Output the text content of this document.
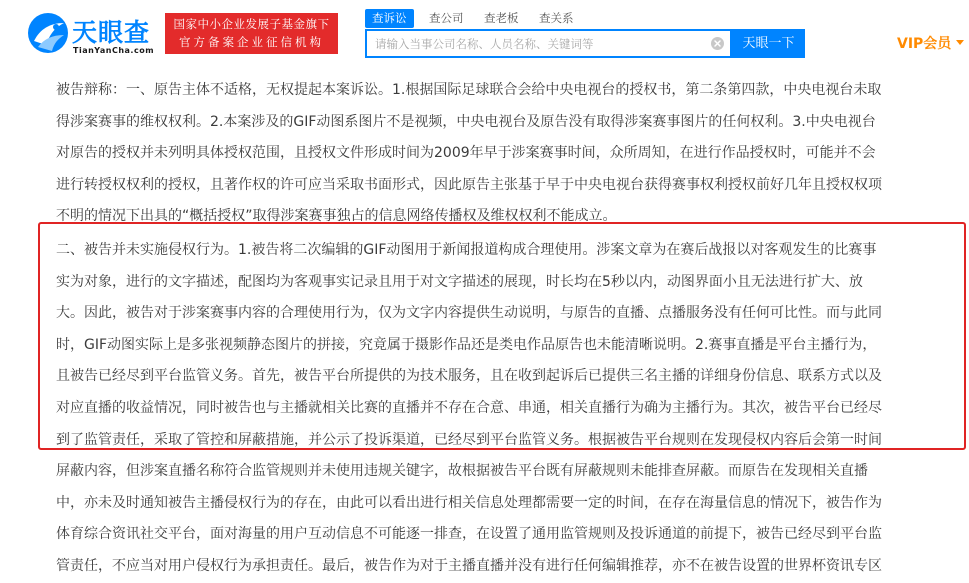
天眼查
TianYanCha.com
国家中小企业发展子基金旗下
官方备案企业征信机构
查诉讼	查公司 查老板 查关系
请输入当事公司名称、人员名称、关键词等
天眼一下	VIP会员
被告辩称：一、原告主体不适格，无权提起本案诉讼。1.根据国际足球联合会给中央电视台的授权书，第二条第四款，中央电视台未取
得涉案赛事的维权权利。2.本案涉及的GIF动图系图片不是视频，中央电视台及原告没有取得涉案赛事图片的任何权利。3.中央电视台
对原告的授权并未列明具体授权范围，且授权文件形成时间为2009年早于涉案赛事时间，众所周知，在进行作品授权时，可能并不会
进行转授权权利的授权，且著作权的许可应当采取书面形式，因此原告主张基于早于中央电视台获得赛事权利授权前好几年且授权权项
不明的情况下出具的“概括授权”取得涉案赛事独占的信息网络传播权及维权权利不能成立。
二、被告并未实施侵权行为。1.被告将二次编辑的GIF动图用于新闻报道构成合理使用。涉案文章为在赛后战报以对客观发生的比赛事
实为对象，进行的文字描述，配图均为客观事实记录且用于对文字描述的展现，时长均在5秒以内，动图界面小且无法进行扩大、放
大。因此，被告对于涉案赛事内容的合理使用行为，仅为文字内容提供生动说明，与原告的直播、点播服务没有任何可比性。而与此同
时，GIF动图实际上是多张视频静态图片的拼接，究竟属于摄影作品还是类电作品原告也未能清晰说明。2.赛事直播是平台主播行为，
且被告已经尽到平台监管义务。首先，被告平台所提供的为技术服务，且在收到起诉后已提供三名主播的详细身份信息、联系方式以及
对应直播的收益情况，同时被告也与主播就相关比赛的直播并不存在合意、串通，相关直播行为确为主播行为。其次，被告平台已经尽
到了监管责任，采取了管控和屏蔽措施，并公示了投诉渠道，已经尽到平台监管义务。根据被告平台规则在发现侵权内容后会第一时间
屏蔽内容，但涉案直播名称符合监管规则并未使用违规关键字，故根据被告平台既有屏蔽规则未能排查屏蔽。而原告在发现相关直播
中，亦未及时通知被告主播侵权行为的存在，由此可以看出进行相关信息处理都需要一定的时间，在存在海量信息的情况下，被告作为
体育综合资讯社交平台，面对海量的用户互动信息不可能逐一排查，在设置了通用监管规则及投诉通道的前提下，被告已经尽到平台监
管责任，不应当对用户侵权行为承担责任。最后，被告作为对于主播直播并没有进行任何编辑推荐，亦不在被告设置的世界杯资讯专区
